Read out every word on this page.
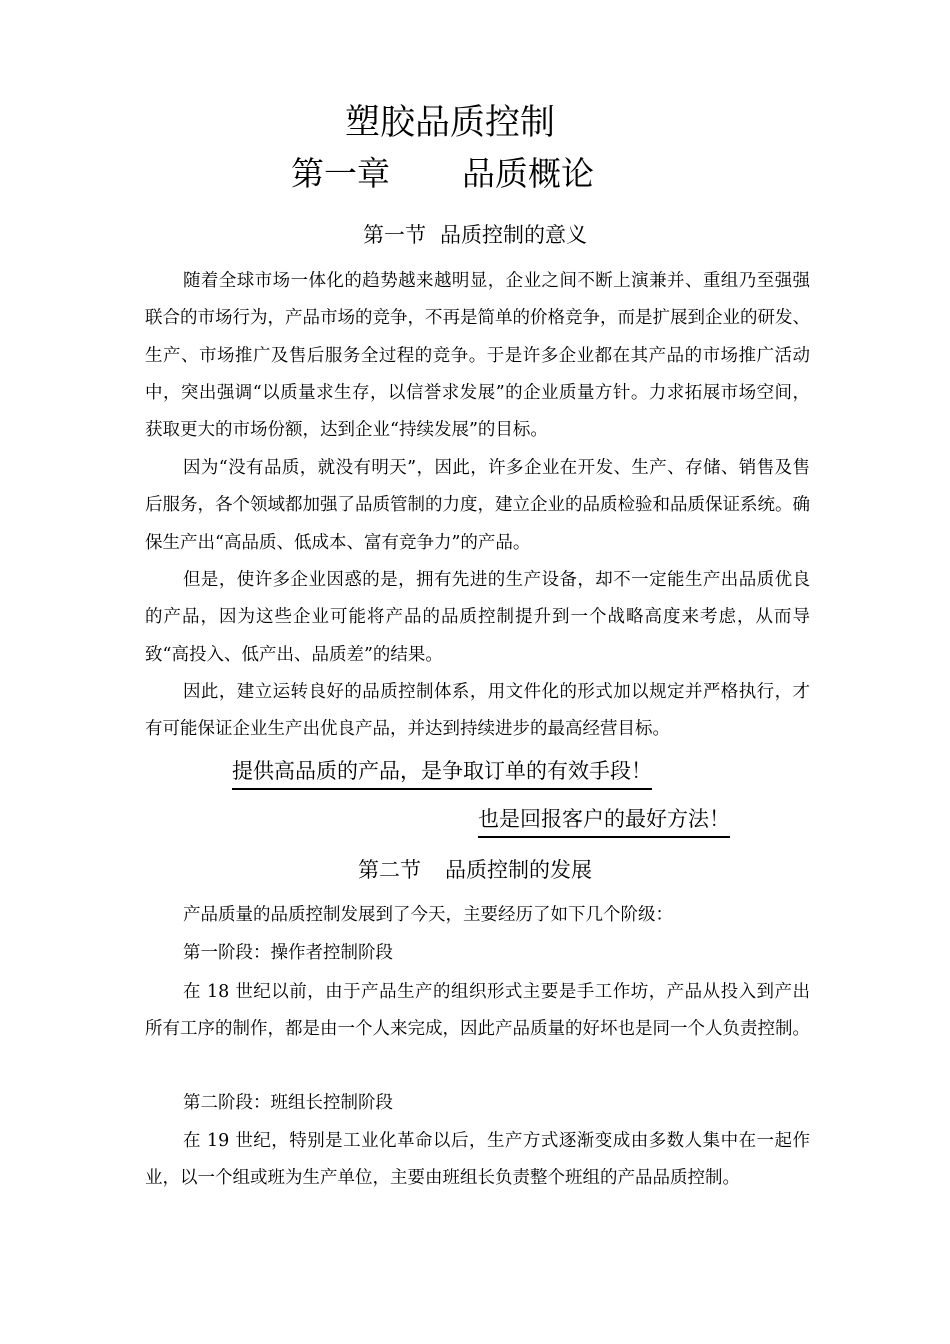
塑胶品质控制
第一章 品质概论
第一节 品质控制的意义

随着全球市场一体化的趋势越来越明显，企业之间不断上演兼并、重组乃至强强联合的市场行为，产品市场的竞争，不再是简单的价格竞争，而是扩展到企业的研发、生产、市场推广及售后服务全过程的竞争。于是许多企业都在其产品的市场推广活动中，突出强调“以质量求生存，以信誉求发展”的企业质量方针。力求拓展市场空间，获取更大的市场份额，达到企业“持续发展”的目标。

因为“没有品质，就没有明天”，因此，许多企业在开发、生产、存储、销售及售后服务，各个领域都加强了品质管制的力度，建立企业的品质检验和品质保证系统。确保生产出“高品质、低成本、富有竞争力”的产品。

但是，使许多企业因惑的是，拥有先进的生产设备，却不一定能生产出品质优良的产品，因为这些企业可能将产品的品质控制提升到一个战略高度来考虑，从而导致“高投入、低产出、品质差”的结果。

因此，建立运转良好的品质控制体系，用文件化的形式加以规定并严格执行，才有可能保证企业生产出优良产品，并达到持续进步的最高经营目标。

提供高品质的产品，是争取订单的有效手段！
也是回报客户的最好方法！
第二节 品质控制的发展
产品质量的品质控制发展到了今天，主要经历了如下几个阶级：
第一阶段：操作者控制阶段

在 18 世纪以前，由于产品生产的组织形式主要是手工作坊，产品从投入到产出所有工序的制作，都是由一个人来完成，因此产品质量的好坏也是同一个人负责控制。

第二阶段：班组长控制阶段

在 19 世纪，特别是工业化革命以后，生产方式逐渐变成由多数人集中在一起作业，以一个组或班为生产单位，主要由班组长负责整个班组的产品品质控制。
